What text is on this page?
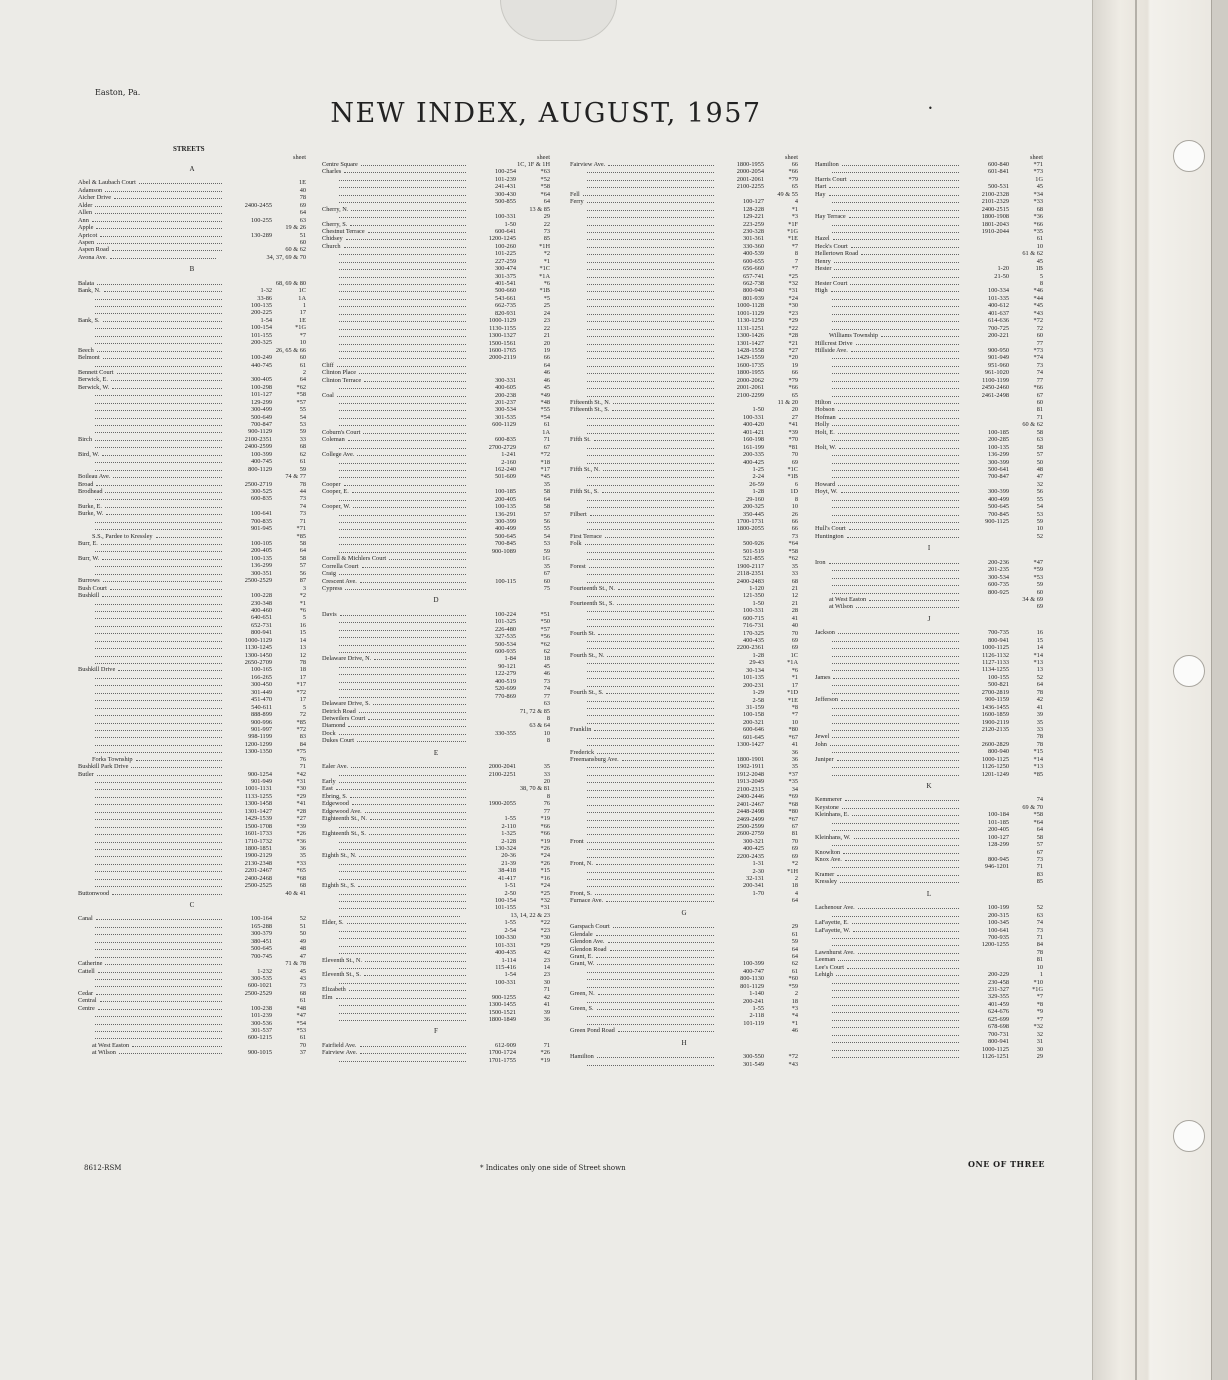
Easton, Pa.
NEW INDEX, AUGUST, 1957	•
STREETS
sheet
A
Abel & Laubach Court	1E
Adamson	40
Aicher Drive	78
Alder	2400-2455	69
Allen	64
Ann	100-255	63
Apple	19 & 26
Apricot	130-289	51
Aspen	60
Aspen Road	60 & 62
Avona Ave.	34, 37, 69 & 70
B
Balata	68, 69 & 80
Bank, N.	1-32	1C
33-86	1A
100-135	1
200-225	17
Bank, S.	1-54	1E
100-154	*1G
101-155	*7
200-325	10
Beech	26, 65 & 66
Belmont	100-249	60
440-745	61
Bennett Court	2
Berwick, E.	300-405	64
Berwick, W.	100-298	*62
101-127	*58
129-299	*57
300-499	55
500-649	54
700-847	53
900-1129	59
Birch	2100-2351	33
2400-2599	68
Bird, W.	100-399	62
400-745	61
800-1129	59
Boileau Ave.	74 & 77
Broad	2500-2719	78
Brodhead	300-525	44
600-835	73
Burke, E.	74
Burke, W.	100-641	73
700-835	71
901-945	*71
S.S., Pardee to Kressley	*85
Burr, E.	100-105	58
200-405	64
Burr, W.	100-135	58
136-299	57
300-351	56
Burrows	2500-2529	87
Bush Court	3
Bushkill	100-228	*2
230-348	*1
400-460	*6
640-651	5
652-731	16
800-941	15
1000-1129	14
1130-1245	13
1300-1450	12
2650-2709	78
Bushkill Drive	100-165	18
166-265	17
300-450	*17
301-449	*72
451-470	17
540-611	5
888-899	72
900-996	*85
901-997	*72
998-1199	83
1200-1299	84
1300-1350	*75
Forks Township	76
Bushkill Park Drive	71
Butler	900-1254	*42
901-949	*31
1001-1131	*30
1133-1255	*29
1300-1458	*41
1301-1427	*28
1429-1539	*27
1500-1708	*39
1601-1733	*26
1710-1732	*36
1800-1851	36
1900-2129	35
2130-2348	*33
2201-2467	*65
2400-2468	*68
2500-2525	68
Buttonwood	40 & 41
C
Canal	100-164	52
165-288	51
300-379	50
380-451	49
500-645	48
700-745	47
Catherine	71 & 78
Cattell	1-232	45
300-535	43
600-1021	73
Cedar	2500-2529	68
Central	61
Centre	100-238	*48
101-239	*47
300-536	*54
301-537	*53
600-1215	61
at West Easton	70
at Wilson	900-1015	37
sheet
Centre Square	1C, 1F & 1H
Charles	100-254	*63
101-239	*52
241-431	*58
300-430	*64
500-855	64
Cherry, N.	13 & 85
100-331	29
Cherry, S.	1-50	22
Chestnut Terrace	600-641	73
Chidsey	1200-1245	85
Church	100-260	*1H
101-225	*2
227-259	*1
300-474	*1C
301-375	*1A
401-541	*6
500-660	*1B
543-661	*5
662-735	25
820-931	24
1000-1129	23
1130-1155	22
1300-1327	21
1500-1561	20
1600-1765	19
2000-2119	66
Cliff	64
Clinton Place	46
Clinton Terrace	300-331	46
400-605	45
Coal	200-238	*49
201-237	*48
300-534	*55
301-535	*54
600-1129	61
Coburn's Court	1A
Coleman	600-835	71
2700-2729	67
College Ave.	1-241	*72
2-160	*18
162-240	*17
501-609	*45
Cooper	35
Cooper, E.	100-185	58
200-405	64
Cooper, W.	100-135	58
136-291	57
300-399	56
400-499	55
500-645	54
700-845	53
900-1089	59
Correll & Michlers Court	1G
Corrella Court	35
Craig	67
Crescent Ave.	100-115	60
Cypress	75
D
Davis	100-224	*51
101-325	*50
226-480	*57
327-535	*56
500-534	*62
600-935	62
Delaware Drive, N.	1-84	18
90-121	45
122-279	46
400-519	73
520-699	74
770-869	77
Delaware Drive, S.	63
Detrich Road	71, 72 & 85
Detweilers Court	8
Diamond	63 & 64
Dock	330-355	10
Dukes Court	8
E
Ealer Ave.	2000-2041	35
2100-2251	33
Early	20
East	38, 70 & 81
Ebring, S.	8
Edgewood	1900-2055	76
Edgewood Ave.	77
Eighteenth St., N.	1-55	*19
2-110	*66
Eighteenth St., S.	1-325	*66
2-128	*19
130-324	*26
Eighth St., N.	20-36	*24
21-39	*26
38-418	*15
41-417	*16
Eighth St., S.	1-51	*24
2-50	*25
100-154	*32
101-155	*31
13, 14, 22 & 23
Elder, S.	1-55	*22
2-54	*23
100-330	*30
101-331	*29
400-435	42
Eleventh St., N.	1-114	23
115-416	14
Eleventh St., S.	1-54	23
100-331	30
Elizabeth	71
Elm	900-1255	42
1300-1455	41
1500-1521	39
1800-1849	36
F
Fairfield Ave.	612-909	71
Fairview Ave.	1700-1724	*26
1701-1755	*19
sheet
Fairview Ave.	1800-1955	66
2000-2054	*66
2001-2061	*79
2100-2255	65
Fell	49 & 55
Ferry	100-127	4
128-228	*1
129-221	*3
223-259	*1F
230-328	*1G
301-361	*1E
330-360	*7
400-539	8
600-655	7
656-660	*7
657-741	*25
662-738	*32
800-940	*31
801-939	*24
1000-1128	*30
1001-1129	*23
1130-1250	*29
1131-1251	*22
1300-1426	*28
1301-1427	*21
1428-1558	*27
1429-1559	*20
1600-1735	19
1800-1955	66
2000-2062	*79
2001-2061	*66
2100-2299	65
Fifteenth St., N.	11 & 20
Fifteenth St., S.	1-50	20
100-331	27
400-420	*41
401-421	*39
Fifth St.	160-198	*70
161-199	*81
200-335	70
400-425	69
Fifth St., N.	1-25	*1C
2-24	*1B
26-59	6
Fifth St., S.	1-28	1D
29-160	8
200-325	10
Filbert	350-445	26
1700-1731	66
1800-2055	66
First Terrace	73
Folk	500-926	*64
501-519	*58
521-855	*62
Forest	1900-2117	35
2118-2351	33
2400-2483	68
Fourteenth St., N.	1-120	21
121-350	12
Fourteenth St., S.	1-50	21
100-331	28
600-715	41
716-731	40
Fourth St.	170-325	70
400-435	69
2200-2361	69
Fourth St., N.	1-28	1C
29-43	*1A
30-134	*6
101-135	*1
200-231	17
Fourth St., S.	1-29	*1D
2-58	*1E
31-159	*8
100-158	*7
200-321	10
Franklin	600-646	*80
601-645	*67
1300-1427	41
Frederick	36
Freemansburg Ave.	1800-1901	36
1902-1911	35
1912-2048	*37
1913-2049	*35
2100-2315	34
2400-2446	*69
2401-2467	*68
2448-2498	*80
2469-2499	*67
2500-2599	67
2600-2759	81
Front	300-321	70
400-425	69
2200-2435	69
Front, N.	1-31	*2
2-30	*1H
32-131	2
200-341	18
Front, S.	1-70	4
Furnace Ave.	64
G
Garspach Court	29
Glendale	61
Glendon Ave.	59
Glendon Road	64
Grant, E.	64
Grant, W.	100-399	62
400-747	61
800-1130	*60
801-1129	*59
Green, N.	1-140	2
200-241	18
Green, S.	1-55	*3
2-118	*4
101-119	*1
Green Pond Road	46
H
Hamilton	300-550	*72
301-549	*43
sheet
Hamilton	600-840	*71
601-841	*73
Harris Court	1G
Hart	500-531	45
Hay	2100-2328	*34
2101-2329	*33
2400-2515	68
Hay Terrace	1800-1908	*36
1801-2043	*66
1910-2044	*35
Hazel	61
Heck's Court	10
Hellertown Road	61 & 62
Henry	45
Hester	1-20	1B
21-50	5
Hester Court	8
High	100-334	*46
101-335	*44
400-612	*45
401-637	*43
614-636	*72
700-725	72
Williams Township	200-221	60
Hillcrest Drive	77
Hillside Ave.	900-950	*73
901-949	*74
951-960	73
961-1020	74
1100-1199	77
2450-2460	*66
2461-2498	67
Hilton	60
Hobson	81
Hofman	71
Holly	60 & 62
Holt, E.	100-185	58
200-285	63
Holt, W.	100-135	58
136-299	57
300-399	50
500-641	48
700-847	47
Howard	32
Hoyt, W.	300-399	56
400-499	55
500-645	54
700-845	53
900-1125	59
Hull's Court	10
Huntington	52
I
Iron	200-236	*47
201-235	*59
300-534	*53
600-735	59
800-925	60
at West Easton	34 & 69
at Wilson	69
J
Jackson	700-735	16
800-941	15
1000-1125	14
1126-1132	*14
1127-1133	*13
1134-1255	13
James	100-155	52
500-821	64
2700-2819	78
Jefferson	900-1159	42
1436-1455	41
1600-1859	39
1900-2119	35
2120-2135	33
Jewel	78
John	2600-2829	78
800-940	*15
Juniper	1000-1125	*14
1126-1250	*13
1201-1249	*85
K
Kemmerer	74
Keystone	69 & 70
Kleinhans, E.	100-184	*58
101-185	*64
200-405	64
Kleinhans, W.	100-127	58
128-299	57
Knowlton	67
Knox Ave.	800-945	73
946-1201	71
Kramer	83
Kressley	85
L
Lachenour Ave.	100-199	52
200-315	63
LaFayette, E.	100-345	74
LaFayette, W.	100-641	73
700-935	71
1200-1255	84
Lawnhurst Ave.	78
Leeman	81
Lee's Court	10
Lehigh	200-229	1
230-458	*10
231-327	*1G
329-355	*7
401-459	*8
624-676	*9
625-699	*7
678-698	*32
700-731	32
800-941	31
1000-1125	30
1126-1251	29
8612-RSM	* Indicates only one side of Street shown	ONE OF THREE
